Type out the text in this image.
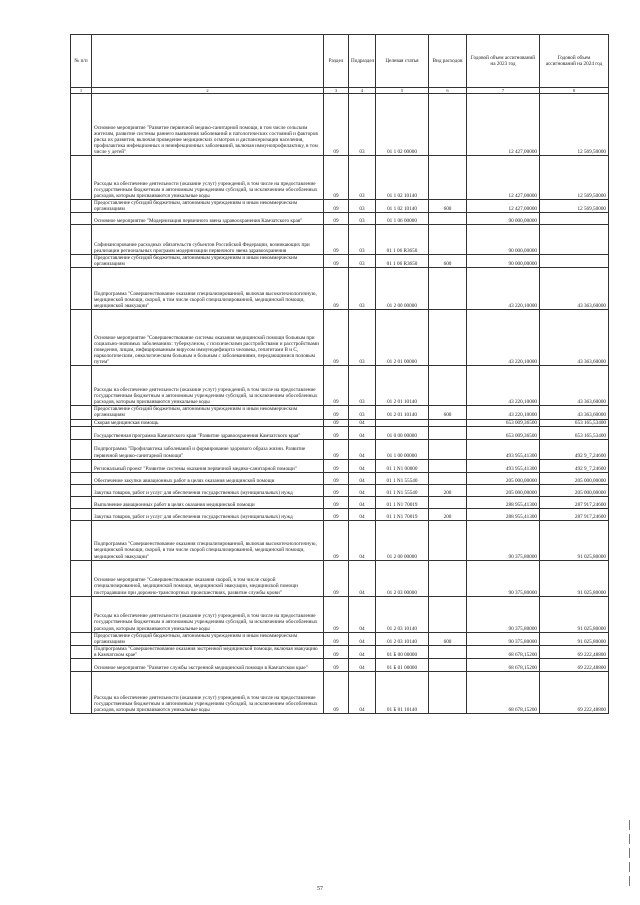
№ п/п		Раздел	Подраздел	Целевая статья	Вид расходов	Годовой объем ассигнований на 2023 год	Годовой объем ассигнований на 2024 год
1	2	3	4	5	6	7	8
	Основное мероприятие "Развитие первичной медико-санитарной помощи, в том числе сельским жителям, развитие системы раннего выявления заболеваний и патологических состояний и факторов риска их развития, включая проведение медицинских осмотров и диспансеризации населения, профилактика инфекционных и неинфекционных заболеваний, включая иммунопрофилактику, в том числе у детей"	09	03	01 1 02 00000		12 427,00000	12 569,50000
	Расходы на обеспечение деятельности (оказание услуг) учреждений, в том числе на предоставление государственным бюджетным и автономным учреждениям субсидий, за исключением обособленных расходов, которым присваиваются уникальные коды	09	03	01 1 02 10140		12 427,00000	12 569,50000
	Предоставление субсидий бюджетным, автономным учреждениям и иным некоммерческим организациям	09	03	01 1 02 10140	600	12 427,00000	12 569,50000
	Основное мероприятие "Модернизация первичного звена здравоохранения Камчатского края"	09	03	01 1 06 00000		90 000,00000	
	Софинансирование расходных обязательств субъектов Российской Федерации, возникающих при реализации региональных программ модернизации первичного звена здравоохранения	09	03	01 1 06 R3650		90 000,00000	
	Предоставление субсидий бюджетным, автономным учреждениям и иным некоммерческим организациям	09	03	01 1 06 R3650	600	90 000,00000	
	Подпрограмма "Совершенствование оказания специализированной, включая высокотехнологичную, медицинской помощи, скорой, в том числе скорой специализированной, медицинской помощи, медицинской эвакуации"	09	03	01 2 00 00000		43 220,10000	43 363,60000
	Основное мероприятие "Совершенствование системы оказания медицинской помощи больным при социально-значимых заболеваниях: туберкулезом, с психическими расстройствами и расстройствами поведения, лицам, инфицированным вирусом иммунодефицита человека, гепатитами В и С, наркологическим, онкологическим больным и больным с заболеваниями, передающимися половым путем"	09	03	01 2 01 00000		43 220,10000	43 363,60000
	Расходы на обеспечение деятельности (оказание услуг) учреждений, в том числе на предоставление государственным бюджетным и автономным учреждениям субсидий, за исключением обособленных расходов, которым присваиваются уникальные коды	09	03	01 2 01 10140		43 220,10000	43 363,60000
	Предоставление субсидий бюджетным, автономным учреждениям и иным некоммерческим организациям	09	03	01 2 01 10140	600	43 220,10000	43 363,60000
	Скорая медицинская помощь	09	04			653 009,36500	653 165,53400
	Государственная программа Камчатского края "Развитие здравоохранения Камчатского края"	09	04	01 0 00 00000		653 009,36500	653 165,53400
	Подпрограмма "Профилактика заболеваний и формирование здорового образа жизни. Развитие первичной медико-санитарной помощи"	09	04	01 1 00 00000		493 955,41300	492 9_7,24600
	Региональный проект "Развитие системы оказания первичной медико-санитарной помощи"	09	04	01 1 N1 00000		493 955,41300	492 9_7,24600
	Обеспечение закупки авиационных работ в целях оказания медицинской помощи	09	04	01 1 N1 55540		205 000,00000	205 000,00000
	Закупка товаров, работ и услуг для обеспечения государственных (муниципальных) нужд	09	04	01 1 N1 55540	200	205 000,00000	205 000,00000
	Выполнение авиационных работ в целях оказания медицинской помощи	09	04	01 1 N1 70019		288 955,41300	287 917,24600
	Закупка товаров, работ и услуг для обеспечения государственных (муниципальных) нужд	09	04	01 1 N1 70019	200	288 955,41300	287 917,24600
	Подпрограмма "Совершенствование оказания специализированной, включая высокотехнологичную, медицинской помощи, скорой, в том числе скорой специализированной, медицинской помощи, медицинской эвакуации"	09	04	01 2 00 00000		90 375,80000	91 025,80000
	Основное мероприятие "Совершенствование оказания скорой, в том числе скорой специализированной, медицинской помощи, медицинской эвакуации, медицинской помощи пострадавшим при дорожно-транспортных происшествиях, развитие службы крови"	09	04	01 2 03 00000		90 375,80000	91 025,80000
	Расходы на обеспечение деятельности (оказание услуг) учреждений, в том числе на предоставление государственным бюджетным и автономным учреждениям субсидий, за исключением обособленных расходов, которым присваиваются уникальные коды	09	04	01 2 03 10140		90 375,80000	91 025,80000
	Предоставление субсидий бюджетным, автономным учреждениям и иным некоммерческим организациям	09	04	01 2 03 10140	600	90 375,80000	91 025,80000
	Подпрограмма "Совершенствование оказания экстренной медицинской помощи, включая эвакуацию в Камчатском крае"	09	04	01 Б 00 00000		68 678,15200	69 222,48800
	Основное мероприятие "Развитие службы экстренной медицинской помощи в Камчатском крае"	09	04	01 Б 01 00000		68 678,15200	69 222,48800
	Расходы на обеспечение деятельности (оказание услуг) учреждений, в том числе на предоставление государственным бюджетным и автономным учреждениям субсидий, за исключением обособленных расходов, которым присваиваются уникальные коды	09	04	01 Б 01 10140		68 678,15200	69 222,48800
57
